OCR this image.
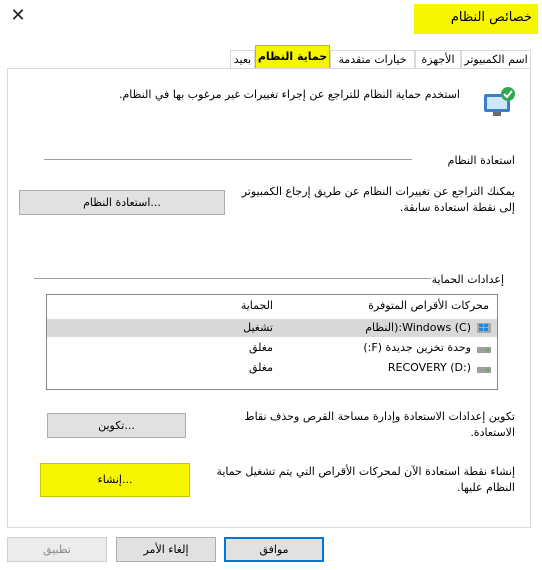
✕	خصائص النظام
اسم الكمبيوتر
الأجهزة
خيارات متقدمة
حماية النظام
بعيد
استخدم حماية النظام للتراجع عن إجراء تغييرات غير مرغوب بها في النظام.
استعادة النظام
يمكنك التراجع عن تغييرات النظام عن طريق إرجاع الكمبيوتر
إلى نقطة استعادة سابقة.
استعادة النظام...
إعدادات الحماية
محركات الأقراص المتوفرة
الحماية
(Windows (C:(النظام
تشغيل
وحدة تخزين جديدة (F:)
مغلق
RECOVERY (D:)
مغلق
تكوين إعدادات الاستعادة وإدارة مساحة القرص وحذف نقاط
الاستعادة.
تكوين...
إنشاء نقطة استعادة الآن لمحركات الأقراص التي يتم تشغيل حماية
النظام عليها.
إنشاء...
موافق
إلغاء الأمر
تطبيق
